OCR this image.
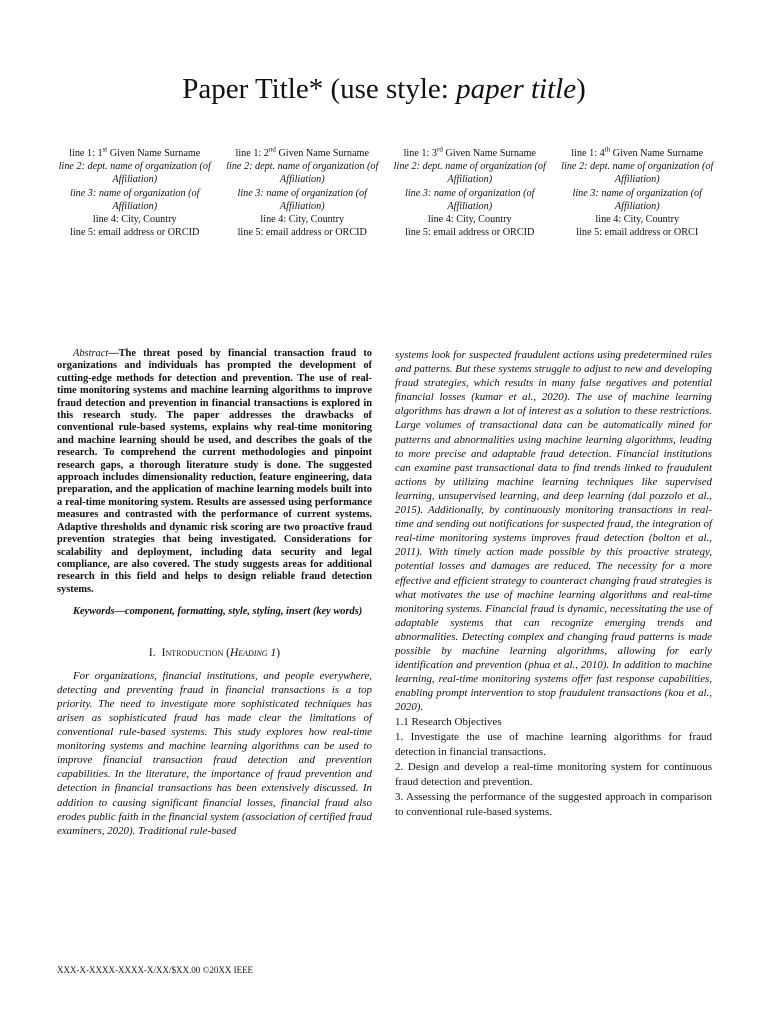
Paper Title* (use style: paper title)
line 1: 1st Given Name Surname
line 2: dept. name of organization (of Affiliation)
line 3: name of organization (of Affiliation)
line 4: City, Country
line 5: email address or ORCID
line 1: 2nd Given Name Surname
line 2: dept. name of organization (of Affiliation)
line 3: name of organization (of Affiliation)
line 4: City, Country
line 5: email address or ORCID
line 1: 3rd Given Name Surname
line 2: dept. name of organization (of Affiliation)
line 3: name of organization (of Affiliation)
line 4: City, Country
line 5: email address or ORCID
line 1: 4th Given Name Surname
line 2: dept. name of organization (of Affiliation)
line 3: name of organization (of Affiliation)
line 4: City, Country
line 5: email address or ORCI

Abstract—The threat posed by financial transaction fraud to organizations and individuals has prompted the development of cutting-edge methods for detection and prevention. The use of real-time monitoring systems and machine learning algorithms to improve fraud detection and prevention in financial transactions is explored in this research study. The paper addresses the drawbacks of conventional rule-based systems, explains why real-time monitoring and machine learning should be used, and describes the goals of the research. To comprehend the current methodologies and pinpoint research gaps, a thorough literature study is done. The suggested approach includes dimensionality reduction, feature engineering, data preparation, and the application of machine learning models built into a real-time monitoring system. Results are assessed using performance measures and contrasted with the performance of current systems. Adaptive thresholds and dynamic risk scoring are two proactive fraud prevention strategies that being investigated. Considerations for scalability and deployment, including data security and legal compliance, are also covered. The study suggests areas for additional research in this field and helps to design reliable fraud detection systems.

Keywords—component, formatting, style, styling, insert (key words)

I. Introduction (Heading 1)

For organizations, financial institutions, and people everywhere, detecting and preventing fraud in financial transactions is a top priority. The need to investigate more sophisticated techniques has arisen as sophisticated fraud has made clear the limitations of conventional rule-based systems. This study explores how real-time monitoring systems and machine learning algorithms can be used to improve financial transaction fraud detection and prevention capabilities. In the literature, the importance of fraud prevention and detection in financial transactions has been extensively discussed. In addition to causing significant financial losses, financial fraud also erodes public faith in the financial system (association of certified fraud examiners, 2020). Traditional rule-based

systems look for suspected fraudulent actions using predetermined rules and patterns. But these systems struggle to adjust to new and developing fraud strategies, which results in many false negatives and potential financial losses (kumar et al., 2020). The use of machine learning algorithms has drawn a lot of interest as a solution to these restrictions. Large volumes of transactional data can be automatically mined for patterns and abnormalities using machine learning algorithms, leading to more precise and adaptable fraud detection. Financial institutions can examine past transactional data to find trends linked to fraudulent actions by utilizing machine learning techniques like supervised learning, unsupervised learning, and deep learning (dal pozzolo et al., 2015). Additionally, by continuously monitoring transactions in real-time and sending out notifications for suspected fraud, the integration of real-time monitoring systems improves fraud detection (bolton et al., 2011). With timely action made possible by this proactive strategy, potential losses and damages are reduced. The necessity for a more effective and efficient strategy to counteract changing fraud strategies is what motivates the use of machine learning algorithms and real-time monitoring systems. Financial fraud is dynamic, necessitating the use of adaptable systems that can recognize emerging trends and abnormalities. Detecting complex and changing fraud patterns is made possible by machine learning algorithms, allowing for early identification and prevention (phua et al., 2010). In addition to machine learning, real-time monitoring systems offer fast response capabilities, enabling prompt intervention to stop fraudulent transactions (kou et al., 2020).

1.1 Research Objectives

1. Investigate the use of machine learning algorithms for fraud detection in financial transactions.

2. Design and develop a real-time monitoring system for continuous fraud detection and prevention.

3. Assessing the performance of the suggested approach in comparison to conventional rule-based systems.

XXX-X-XXXX-XXXX-X/XX/$XX.00 ©20XX IEEE
